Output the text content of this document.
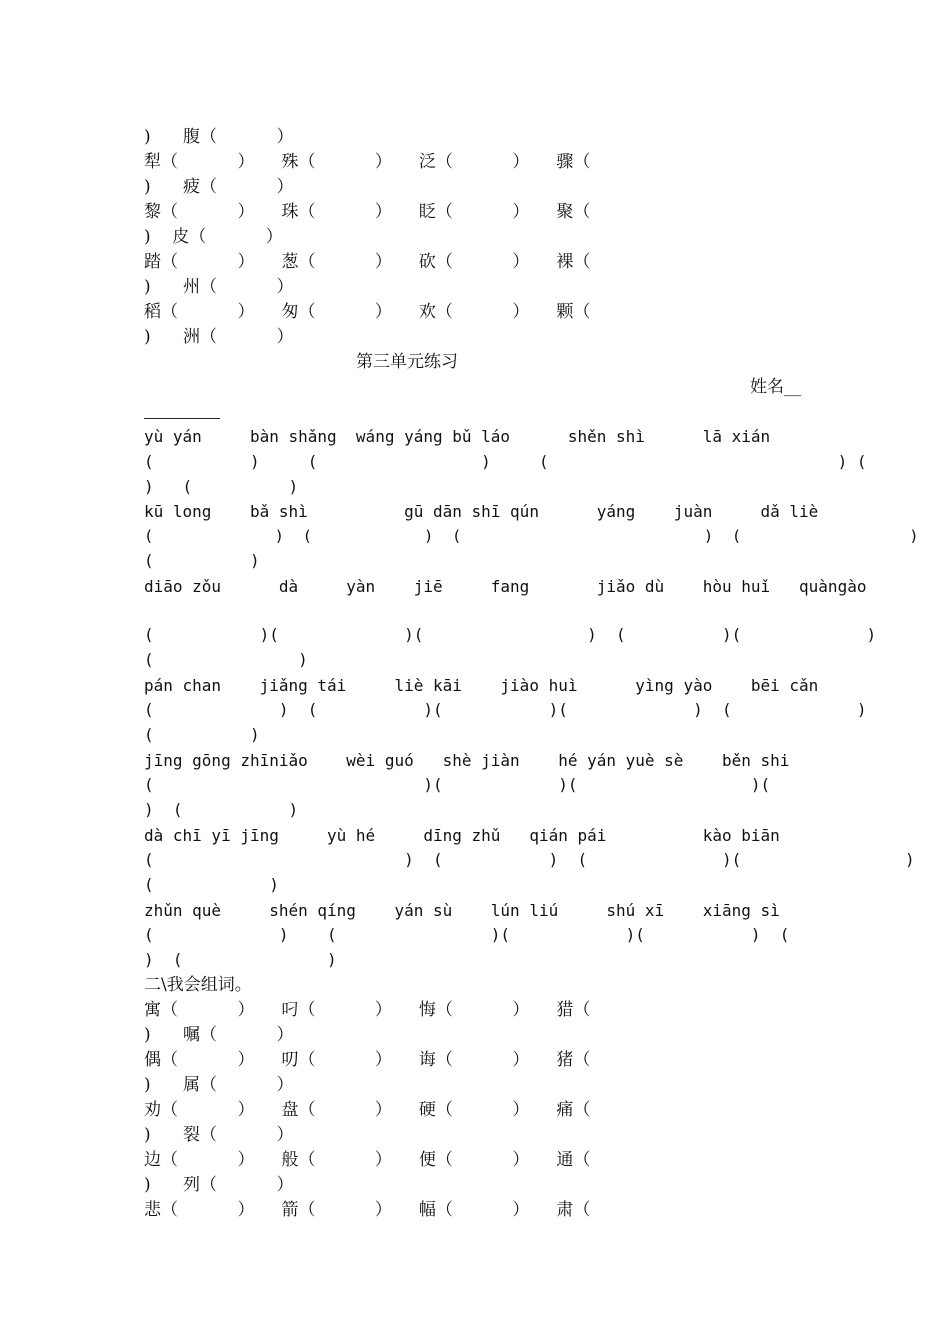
)      腹（           ）
犁（           ）     殊（           ）     泛（           ）     骤（
)      疲（           ）
黎（           ）     珠（           ）     眨（           ）     聚（
)    皮（           ）
踏（           ）     葱（           ）     砍（           ）     裸（
)      州（           ）
稻（           ）     匆（           ）     欢（           ）     颗（
)      洲（           ）
第三单元练习
姓名__
yù yán     bàn shǎng  wáng yáng bǔ láo      shěn shì      lā xián
(          )     (                 )     (                              ) (
)   (          )
kū long    bǎ shì          gū dān shī qún      yáng    juàn     dǎ liè
(             )  (            )  (                          )  (                  )
(          )
diāo zǒu      dà     yàn    jiē     fang       jiǎo dù    hòu huǐ   quàngào
(           )(             )(                 )  (          )(             )
(               )
pán chan    jiǎng tái     liè kāi    jiào huì      yìng yào    bēi cǎn
(             )  (           )(           )(             )  (             )
(          )
jīng gōng zhīniǎo    wèi guó   shè jiàn    hé yán yuè sè    běn shi
(                            )(            )(                  )(
)  (           )
dà chī yī jīng     yù hé     dīng zhǔ   qián pái          kào biān
(                          )  (           )  (              )(                 )
(            )
zhǔn què     shén qíng    yán sù    lún liú     shú xī    xiāng sì
(             )    (                )(            )(           )  (
)  (               )
二\我会组词。
寓（           ）     叼（           ）     悔（           ）     猎（
)      嘱（           ）
偶（           ）     叨（           ）     诲（           ）     猪（
)      属（           ）
劝（           ）     盘（           ）     硬（           ）     痛（
)      裂（           ）
边（           ）     般（           ）     便（           ）     通（
)      列（           ）
悲（           ）     箭（           ）     幅（           ）     肃（
